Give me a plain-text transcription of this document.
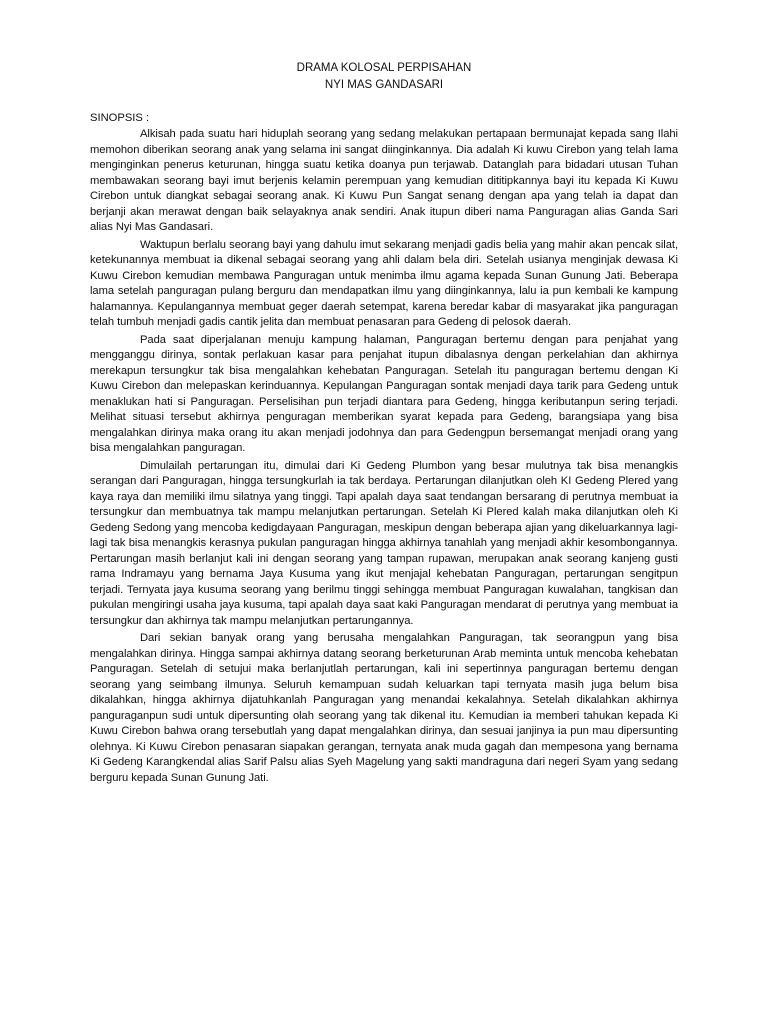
DRAMA KOLOSAL PERPISAHAN

NYI MAS GANDASARI

SINOPSIS :

Alkisah pada suatu hari hiduplah seorang yang sedang melakukan pertapaan bermunajat kepada sang Ilahi memohon diberikan seorang anak yang selama ini sangat diinginkannya. Dia adalah Ki kuwu Cirebon yang telah lama menginginkan penerus keturunan, hingga suatu ketika doanya pun terjawab. Datanglah para bidadari utusan Tuhan membawakan seorang bayi imut berjenis kelamin perempuan yang kemudian dititipkannya bayi itu kepada Ki Kuwu Cirebon untuk diangkat sebagai seorang anak. Ki Kuwu Pun Sangat senang dengan apa yang telah ia dapat dan berjanji akan merawat dengan baik selayaknya anak sendiri. Anak itupun diberi nama Panguragan alias Ganda Sari alias Nyi Mas Gandasari.

Waktupun berlalu seorang bayi yang dahulu imut sekarang menjadi gadis belia yang mahir akan pencak silat, ketekunannya membuat ia dikenal sebagai seorang yang ahli dalam bela diri. Setelah usianya menginjak dewasa Ki Kuwu Cirebon kemudian membawa Panguragan untuk menimba ilmu agama kepada Sunan Gunung Jati. Beberapa lama setelah panguragan pulang berguru dan mendapatkan ilmu yang diinginkannya, lalu ia pun kembali ke kampung halamannya. Kepulangannya membuat geger daerah setempat, karena beredar kabar di masyarakat jika panguragan telah tumbuh menjadi gadis cantik jelita dan membuat penasaran para Gedeng di pelosok daerah.

Pada saat diperjalanan menuju kampung halaman, Panguragan bertemu dengan para penjahat yang mengganggu dirinya, sontak perlakuan kasar para penjahat itupun dibalasnya dengan perkelahian dan akhirnya merekapun tersungkur tak bisa mengalahkan kehebatan Panguragan. Setelah itu panguragan bertemu dengan Ki Kuwu Cirebon dan melepaskan kerinduannya. Kepulangan Panguragan sontak menjadi daya tarik para Gedeng untuk menaklukan hati si Panguragan. Perselisihan pun terjadi diantara para Gedeng, hingga keributanpun sering terjadi. Melihat situasi tersebut akhirnya penguragan memberikan syarat kepada para Gedeng, barangsiapa yang bisa mengalahkan dirinya maka orang itu akan menjadi jodohnya dan para Gedengpun bersemangat menjadi orang yang bisa mengalahkan panguragan.

Dimulailah pertarungan itu, dimulai dari Ki Gedeng Plumbon yang besar mulutnya tak bisa menangkis serangan dari Panguragan, hingga tersungkurlah ia tak berdaya. Pertarungan dilanjutkan oleh KI Gedeng Plered yang kaya raya dan memiliki ilmu silatnya yang tinggi. Tapi apalah daya saat tendangan bersarang di perutnya membuat ia tersungkur dan membuatnya tak mampu melanjutkan pertarungan. Setelah Ki Plered kalah maka dilanjutkan oleh Ki Gedeng Sedong yang mencoba kedigdayaan Panguragan, meskipun dengan beberapa ajian yang dikeluarkannya lagi-lagi tak bisa menangkis kerasnya pukulan panguragan hingga akhirnya tanahlah yang menjadi akhir kesombongannya. Pertarungan masih berlanjut kali ini dengan seorang yang tampan rupawan, merupakan anak seorang kanjeng gusti rama Indramayu yang bernama Jaya Kusuma yang ikut menjajal kehebatan Panguragan, pertarungan sengitpun terjadi. Ternyata jaya kusuma seorang yang berilmu tinggi sehingga membuat Panguragan kuwalahan, tangkisan dan pukulan mengiringi usaha jaya kusuma, tapi apalah daya saat kaki Panguragan mendarat di perutnya yang membuat ia tersungkur dan akhirnya tak mampu melanjutkan pertarungannya.

Dari sekian banyak orang yang berusaha mengalahkan Panguragan, tak seorangpun yang bisa mengalahkan dirinya. Hingga sampai akhirnya datang seorang berketurunan Arab meminta untuk mencoba kehebatan Panguragan. Setelah di setujui maka berlanjutlah pertarungan, kali ini sepertinnya panguragan bertemu dengan seorang yang seimbang ilmunya. Seluruh kemampuan sudah keluarkan tapi ternyata masih juga belum bisa dikalahkan, hingga akhirnya dijatuhkanlah Panguragan yang menandai kekalahnya. Setelah dikalahkan akhirnya panguraganpun sudi untuk dipersunting olah seorang yang tak dikenal itu. Kemudian ia memberi tahukan kepada Ki Kuwu Cirebon bahwa orang tersebutlah yang dapat mengalahkan dirinya, dan sesuai janjinya ia pun mau dipersunting olehnya. Ki Kuwu Cirebon penasaran siapakan gerangan, ternyata anak muda gagah dan mempesona yang bernama Ki Gedeng Karangkendal alias Sarif Palsu alias Syeh Magelung yang sakti mandraguna dari negeri Syam yang sedang berguru kepada Sunan Gunung Jati.
